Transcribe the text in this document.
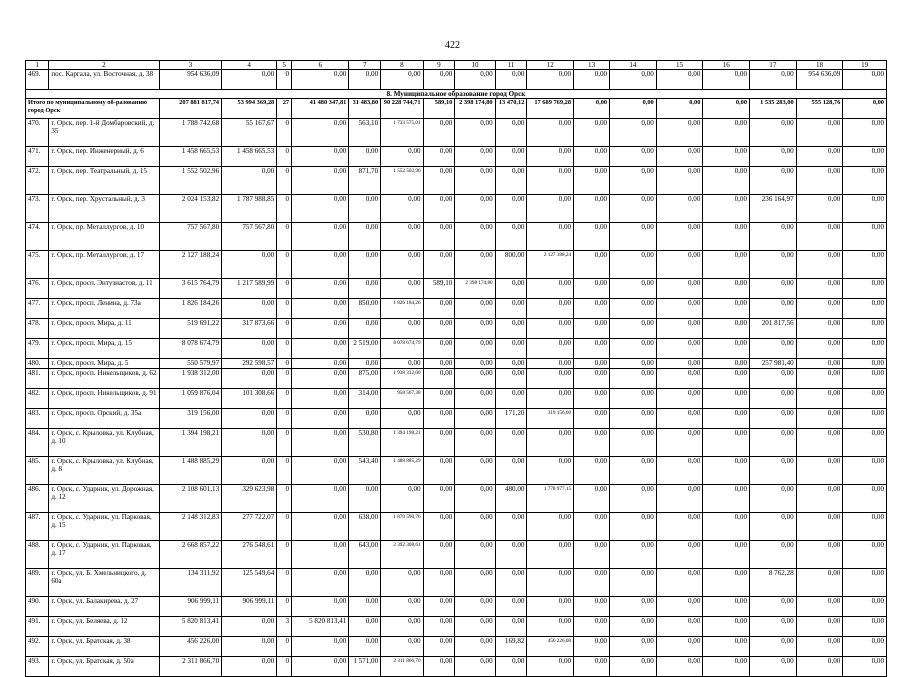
422
1	2	3	4	5	6	7	8	9	10	11	12	13	14	15	16	17	18	19
469.	пос. Каргала, ул. Восточная, д. 38	954 636,09	0,00	0	0,00	0,00	0,00	0,00	0,00	0,00	0,00	0,00	0,00	0,00	0,00	0,00	954 636,09	0,00
8. Муниципальное образование город Орск																		
Итого по муниципальному об-разованию город Орск		207 881 817,74	53 994 369,28	27	41 480 347,81	31 483,80	90 228 744,71	589,10	2 398 174,80	13 470,12	17 689 769,28	0,00	0,00	0,00	0,00	1 535 283,00	555 128,76	0,00
470.	г. Орск, пер. 1-й Домбаровский, д. 35	1 788 742,68	55 167,67	0	0,00	563,10	1 733 575,01	0,00	0,00	0,00	0,00	0,00	0,00	0,00	0,00	0,00	0,00	0,00
471.	г. Орск, пер. Инженерный, д. 6	1 458 665,53	1 458 665,53	0	0,00	0,00	0,00	0,00	0,00	0,00	0,00	0,00	0,00	0,00	0,00	0,00	0,00	0,00
472.	г. Орск, пер. Театральный, д. 15	1 552 502,96	0,00	0	0,00	871,70	1 552 502,96	0,00	0,00	0,00	0,00	0,00	0,00	0,00	0,00	0,00	0,00	0,00
473.	г. Орск, пер. Хрустальный, д. 3	2 024 153,82	1 787 988,85	0	0,00	0,00	0,00	0,00	0,00	0,00	0,00	0,00	0,00	0,00	0,00	236 164,97	0,00	0,00
474.	г. Орск, пр. Металлургов, д. 10	757 567,80	757 567,80	0	0,00	0,00	0,00	0,00	0,00	0,00	0,00	0,00	0,00	0,00	0,00	0,00	0,00	0,00
475.	г. Орск, пр. Металлургов, д. 17	2 127 188,24	0,00	0	0,00	0,00	0,00	0,00	0,00	800,00	2 127 188,24	0,00	0,00	0,00	0,00	0,00	0,00	0,00
476.	г. Орск, просп. Энтузиастов, д. 11	3 615 764,79	1 217 589,99	0	0,00	0,00	0,00	589,10	2 398 174,80	0,00	0,00	0,00	0,00	0,00	0,00	0,00	0,00	0,00
477.	г. Орск, просп. Ленина, д. 73а	1 826 184,26	0,00	0	0,00	850,00	1 826 184,26	0,00	0,00	0,00	0,00	0,00	0,00	0,00	0,00	0,00	0,00	0,00
478.	г. Орск, просп. Мира, д. 11	519 691,22	317 873,66	0	0,00	0,00	0,00	0,00	0,00	0,00	0,00	0,00	0,00	0,00	0,00	201 817,56	0,00	0,00
479.	г. Орск, просп. Мира, д. 15	8 078 674,79	0,00	0	0,00	2 519,00	8 078 674,79	0,00	0,00	0,00	0,00	0,00	0,00	0,00	0,00	0,00	0,00	0,00
480.	г. Орск, просп. Мира, д. 5	550 579,97	292 598,57	0	0,00	0,00	0,00	0,00	0,00	0,00	0,00	0,00	0,00	0,00	0,00	257 981,40	0,00	0,00
481.	г. Орск, просп. Никельщиков, д. 62	1 938 312,00	0,00	0	0,00	875,00	1 938 312,00	0,00	0,00	0,00	0,00	0,00	0,00	0,00	0,00	0,00	0,00	0,00
482.	г. Орск, просп. Никельщиков, д. 91	1 059 876,04	101 308,66	0	0,00	314,00	958 567,38	0,00	0,00	0,00	0,00	0,00	0,00	0,00	0,00	0,00	0,00	0,00
483.	г. Орск, просп. Орский, д. 35а	319 156,00	0,00	0	0,00	0,00	0,00	0,00	0,00	171,20	319 156,00	0,00	0,00	0,00	0,00	0,00	0,00	0,00
484.	г. Орск, с. Крыловка, ул. Клубная, д. 10	1 394 198,21	0,00	0	0,00	530,80	1 394 198,21	0,00	0,00	0,00	0,00	0,00	0,00	0,00	0,00	0,00	0,00	0,00
485.	г. Орск, с. Крыловка, ул. Клубная, д. 8	1 488 885,29	0,00	0	0,00	543,40	1 488 885,29	0,00	0,00	0,00	0,00	0,00	0,00	0,00	0,00	0,00	0,00	0,00
486.	г. Орск, с. Ударник, ул. Дорожная, д. 12	2 108 601,13	329 623,98	0	0,00	0,00	0,00	0,00	0,00	480,00	1 778 977,15	0,00	0,00	0,00	0,00	0,00	0,00	0,00
487.	г. Орск, с. Ударник, ул. Парковая, д. 15	2 148 312,83	277 722,07	0	0,00	638,00	1 870 590,76	0,00	0,00	0,00	0,00	0,00	0,00	0,00	0,00	0,00	0,00	0,00
488.	г. Орск, с. Ударник, ул. Парковая, д. 17	2 668 857,22	276 548,61	0	0,00	643,00	2 392 308,61	0,00	0,00	0,00	0,00	0,00	0,00	0,00	0,00	0,00	0,00	0,00
489.	г. Орск, ул. Б. Хмельницкого, д. 60а	134 311,92	125 549,64	0	0,00	0,00	0,00	0,00	0,00	0,00	0,00	0,00	0,00	0,00	0,00	8 762,28	0,00	0,00
490.	г. Орск, ул. Балакирева, д. 27	906 999,11	906 999,11	0	0,00	0,00	0,00	0,00	0,00	0,00	0,00	0,00	0,00	0,00	0,00	0,00	0,00	0,00
491.	г. Орск, ул. Беляева, д. 12	5 820 813,41	0,00	3	5 820 813,41	0,00	0,00	0,00	0,00	0,00	0,00	0,00	0,00	0,00	0,00	0,00	0,00	0,00
492.	г. Орск, ул. Братская, д. 38	456 226,00	0,00	0	0,00	0,00	0,00	0,00	0,00	169,82	456 226,00	0,00	0,00	0,00	0,00	0,00	0,00	0,00
493.	г. Орск, ул. Братская, д. 50а	2 311 866,70	0,00	0	0,00	1 571,00	2 311 866,70	0,00	0,00	0,00	0,00	0,00	0,00	0,00	0,00	0,00	0,00	0,00
